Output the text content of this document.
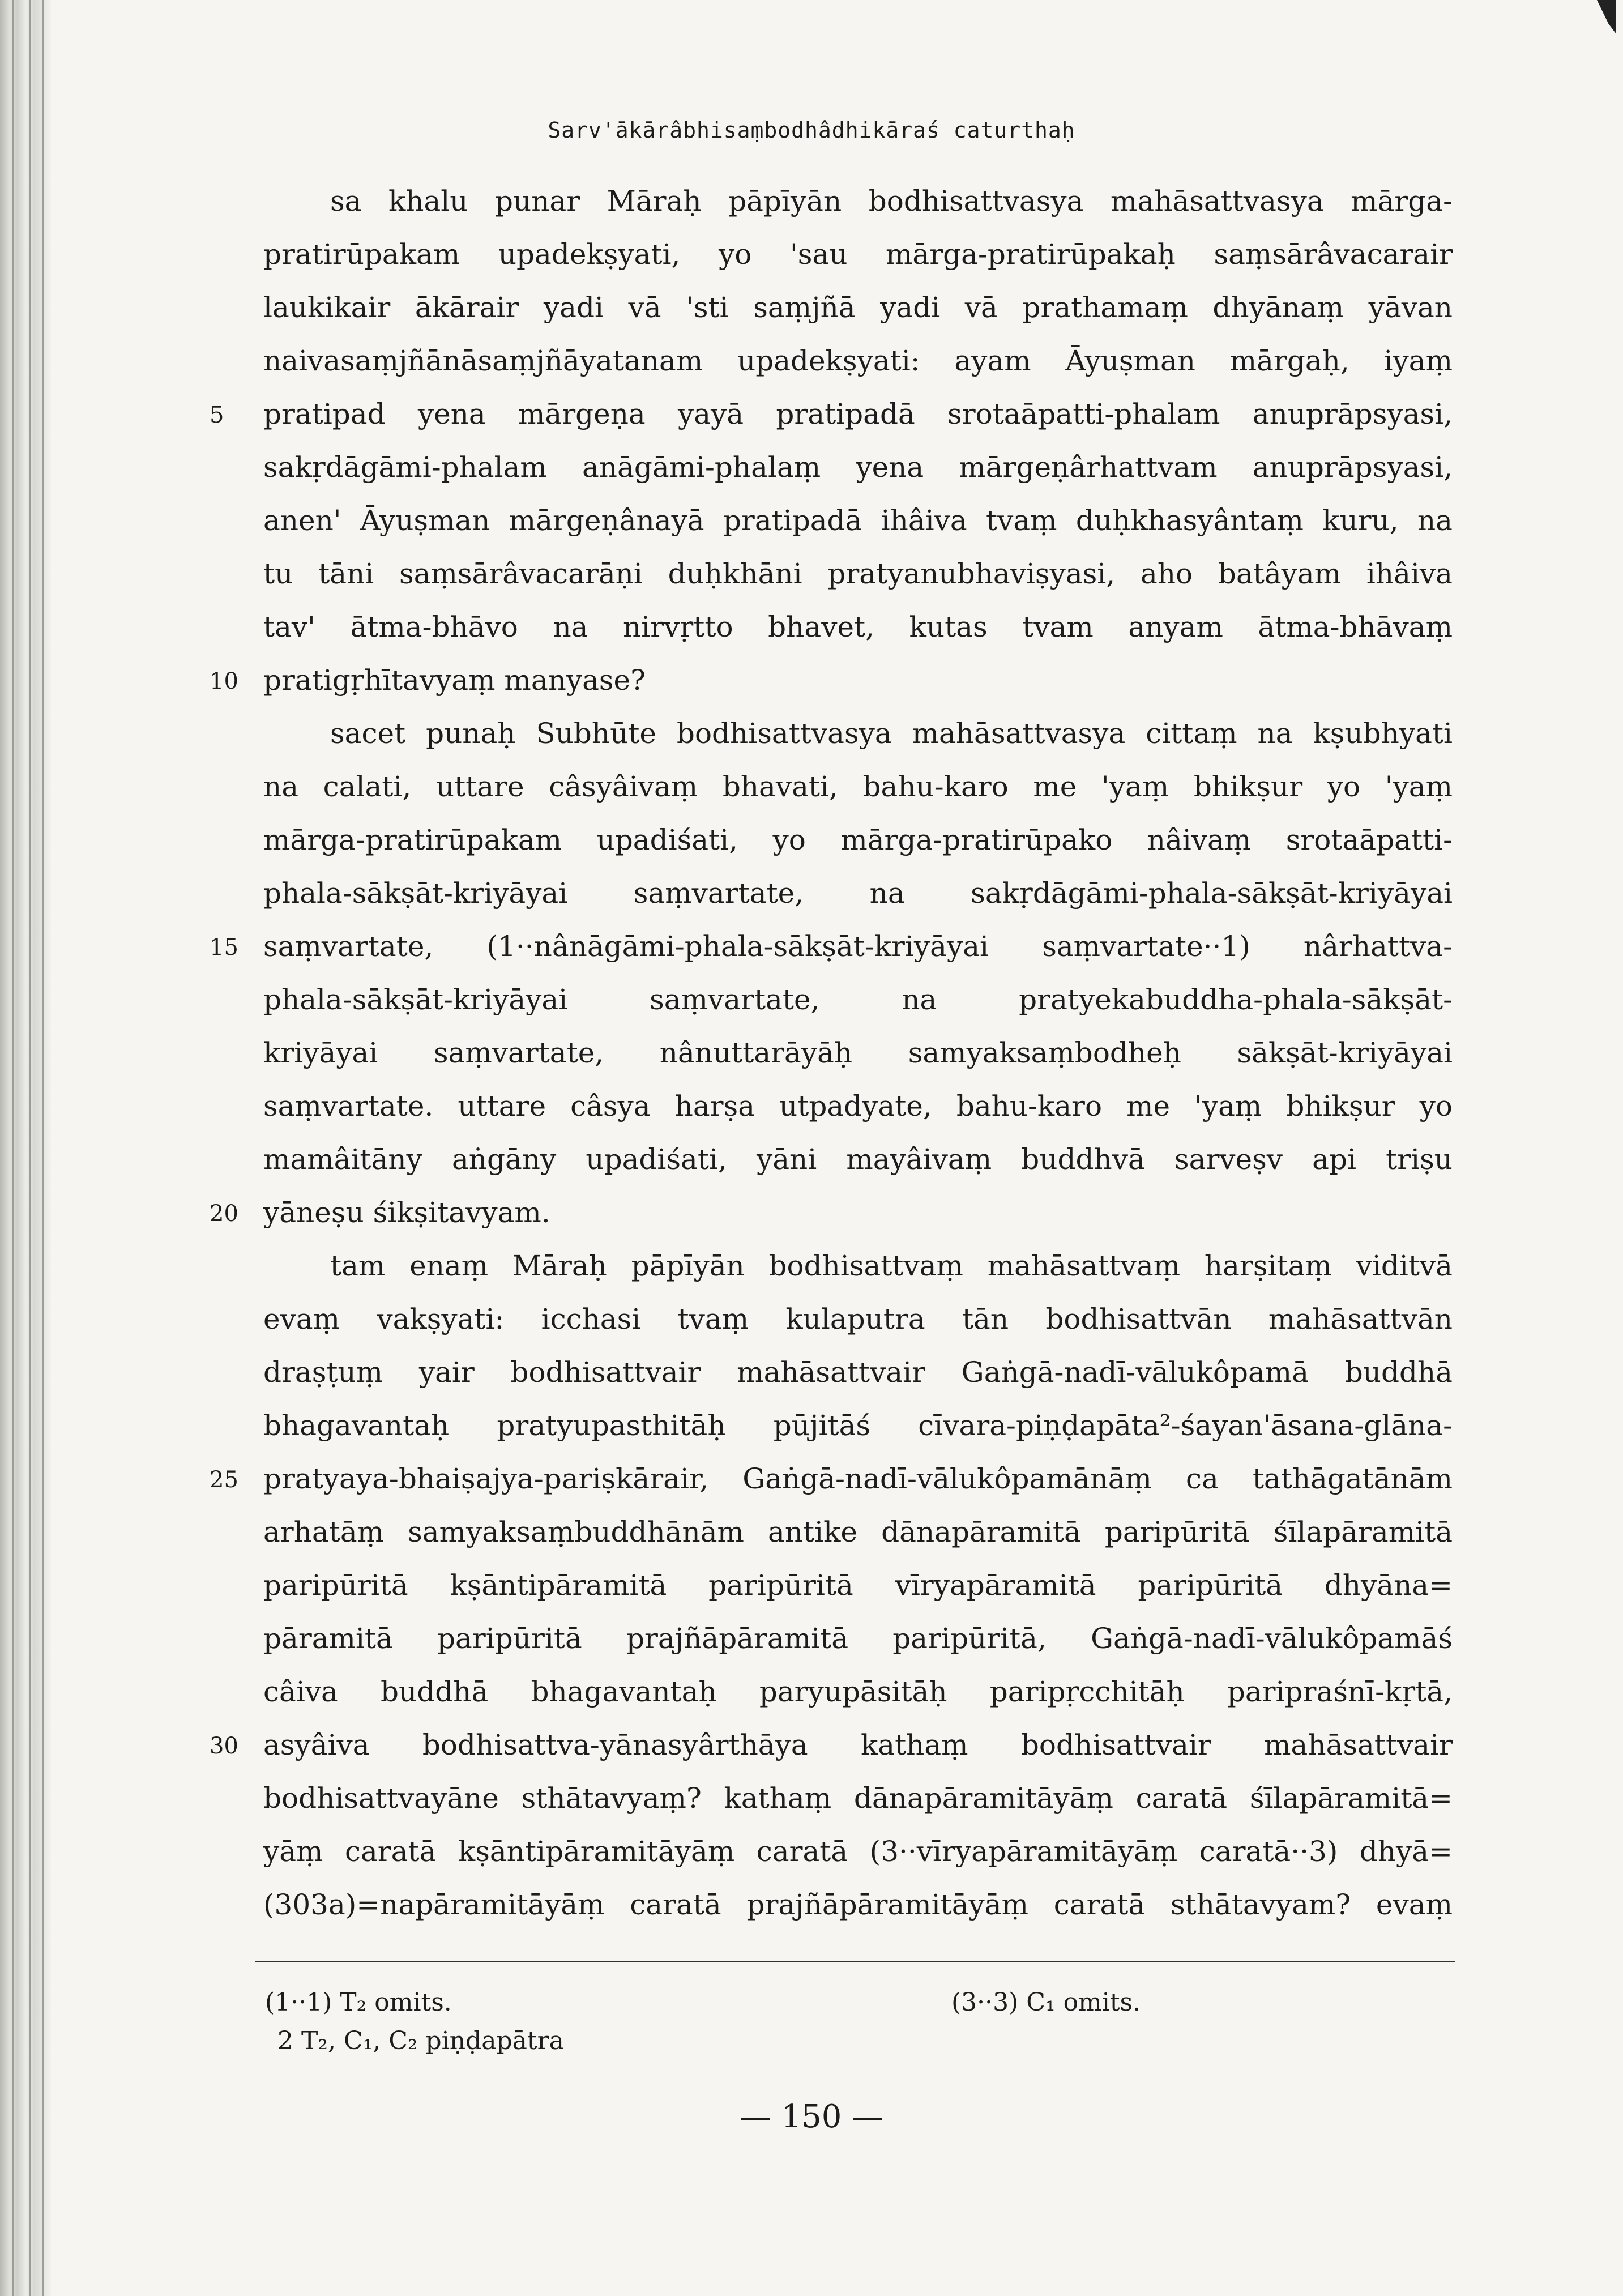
Sarv'ākārâbhisaṃbodhâdhikāraś caturthaḥ
sa khalu punar Māraḥ pāpīyān bodhisattvasya mahāsattvasya mārga-
pratirūpakam upadekṣyati, yo 'sau mārga-pratirūpakaḥ saṃsārâvacarair
laukikair ākārair yadi vā 'sti saṃjñā yadi vā prathamaṃ dhyānaṃ yāvan
naivasaṃjñānāsaṃjñāyatanam upadekṣyati: ayam Āyuṣman mārgaḥ, iyaṃ
pratipad yena mārgeṇa yayā pratipadā srotaāpatti-phalam anuprāpsyasi,
sakṛdāgāmi-phalam anāgāmi-phalaṃ yena mārgeṇârhattvam anuprāpsyasi,
anen' Āyuṣman mārgeṇânayā pratipadā ihâiva tvaṃ duḥkhasyântaṃ kuru, na
tu tāni saṃsārâvacarāṇi duḥkhāni pratyanubhaviṣyasi, aho batâyam ihâiva
tav' ātma-bhāvo na nirvṛtto bhavet, kutas tvam anyam ātma-bhāvaṃ
pratigṛhītavyaṃ manyase?
sacet punaḥ Subhūte bodhisattvasya mahāsattvasya cittaṃ na kṣubhyati
na calati, uttare câsyâivaṃ bhavati, bahu-karo me 'yaṃ bhikṣur yo 'yaṃ
mārga-pratirūpakam upadiśati, yo mārga-pratirūpako nâivaṃ srotaāpatti-
phala-sākṣāt-kriyāyai saṃvartate, na sakṛdāgāmi-phala-sākṣāt-kriyāyai
saṃvartate, (1··nânāgāmi-phala-sākṣāt-kriyāyai saṃvartate··1) nârhattva-
phala-sākṣāt-kriyāyai saṃvartate, na pratyekabuddha-phala-sākṣāt-
kriyāyai saṃvartate, nânuttarāyāḥ samyaksaṃbodheḥ sākṣāt-kriyāyai
saṃvartate. uttare câsya harṣa utpadyate, bahu-karo me 'yaṃ bhikṣur yo
mamâitāny aṅgāny upadiśati, yāni mayâivaṃ buddhvā sarveṣv api triṣu
yāneṣu śikṣitavyam.
tam enaṃ Māraḥ pāpīyān bodhisattvaṃ mahāsattvaṃ harṣitaṃ viditvā
evaṃ vakṣyati: icchasi tvaṃ kulaputra tān bodhisattvān mahāsattvān
draṣṭuṃ yair bodhisattvair mahāsattvair Gaṅgā-nadī-vālukôpamā buddhā
bhagavantaḥ pratyupasthitāḥ pūjitāś cīvara-piṇḍapāta²-śayan'āsana-glāna-
pratyaya-bhaiṣajya-pariṣkārair, Gaṅgā-nadī-vālukôpamānāṃ ca tathāgatānām
arhatāṃ samyaksaṃbuddhānām antike dānapāramitā paripūritā śīlapāramitā
paripūritā kṣāntipāramitā paripūritā vīryapāramitā paripūritā dhyāna=
pāramitā paripūritā prajñāpāramitā paripūritā, Gaṅgā-nadī-vālukôpamāś
câiva buddhā bhagavantaḥ paryupāsitāḥ paripṛcchitāḥ paripraśnī-kṛtā,
asyâiva bodhisattva-yānasyârthāya kathaṃ bodhisattvair mahāsattvair
bodhisattvayāne sthātavyaṃ? kathaṃ dānapāramitāyāṃ caratā śīlapāramitā=
yāṃ caratā kṣāntipāramitāyāṃ caratā (3··vīryapāramitāyāṃ caratā··3) dhyā=
(303a)=napāramitāyāṃ caratā prajñāpāramitāyāṃ caratā sthātavyam? evaṃ
5
10
15
20
25
30
(1··1) T₂ omits.	(3··3) C₁ omits.
2 T₂, C₁, C₂ piṇḍapātra
— 150 —
